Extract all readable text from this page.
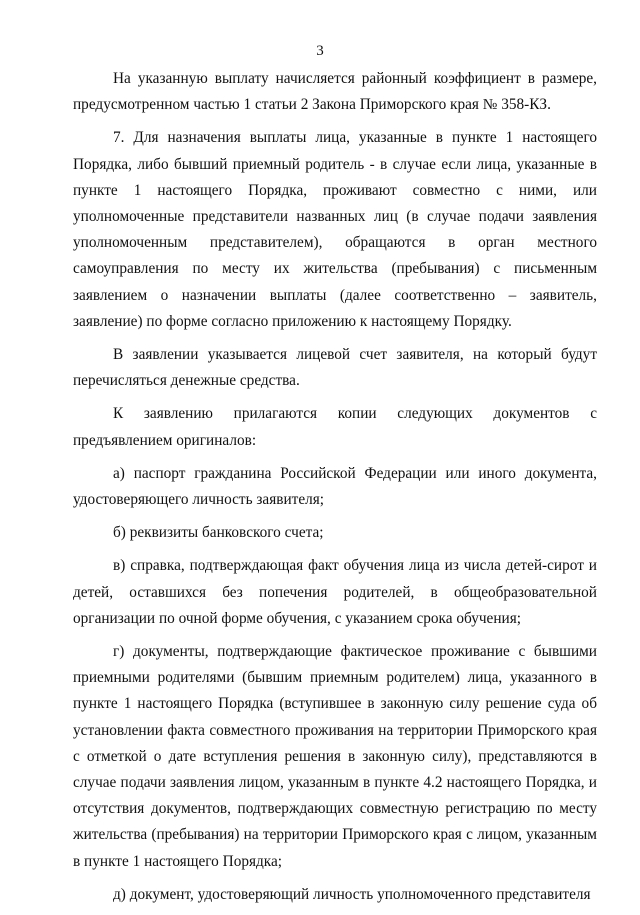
3

На указанную выплату начисляется районный коэффициент в размере, предусмотренном частью 1 статьи 2 Закона Приморского края № 358-КЗ.

7. Для назначения выплаты лица, указанные в пункте 1 настоящего Порядка, либо бывший приемный родитель - в случае если лица, указанные в пункте 1 настоящего Порядка, проживают совместно с ними, или уполномоченные представители названных лиц (в случае подачи заявления уполномоченным представителем), обращаются в орган местного самоуправления по месту их жительства (пребывания) с письменным заявлением о назначении выплаты (далее соответственно – заявитель, заявление) по форме согласно приложению к настоящему Порядку.

В заявлении указывается лицевой счет заявителя, на который будут перечисляться денежные средства.

К заявлению прилагаются копии следующих документов с предъявлением оригиналов:

а) паспорт гражданина Российской Федерации или иного документа, удостоверяющего личность заявителя;

б) реквизиты банковского счета;

в) справка, подтверждающая факт обучения лица из числа детей-сирот и детей, оставшихся без попечения родителей, в общеобразовательной организации по очной форме обучения, с указанием срока обучения;

г) документы, подтверждающие фактическое проживание с бывшими приемными родителями (бывшим приемным родителем) лица, указанного в пункте 1 настоящего Порядка (вступившее в законную силу решение суда об установлении факта совместного проживания на территории Приморского края с отметкой о дате вступления решения в законную силу), представляются в случае подачи заявления лицом, указанным в пункте 4.2 настоящего Порядка, и отсутствия документов, подтверждающих совместную регистрацию по месту жительства (пребывания) на территории Приморского края с лицом, указанным в пункте 1 настоящего Порядка;

д) документ, удостоверяющий личность уполномоченного представителя
